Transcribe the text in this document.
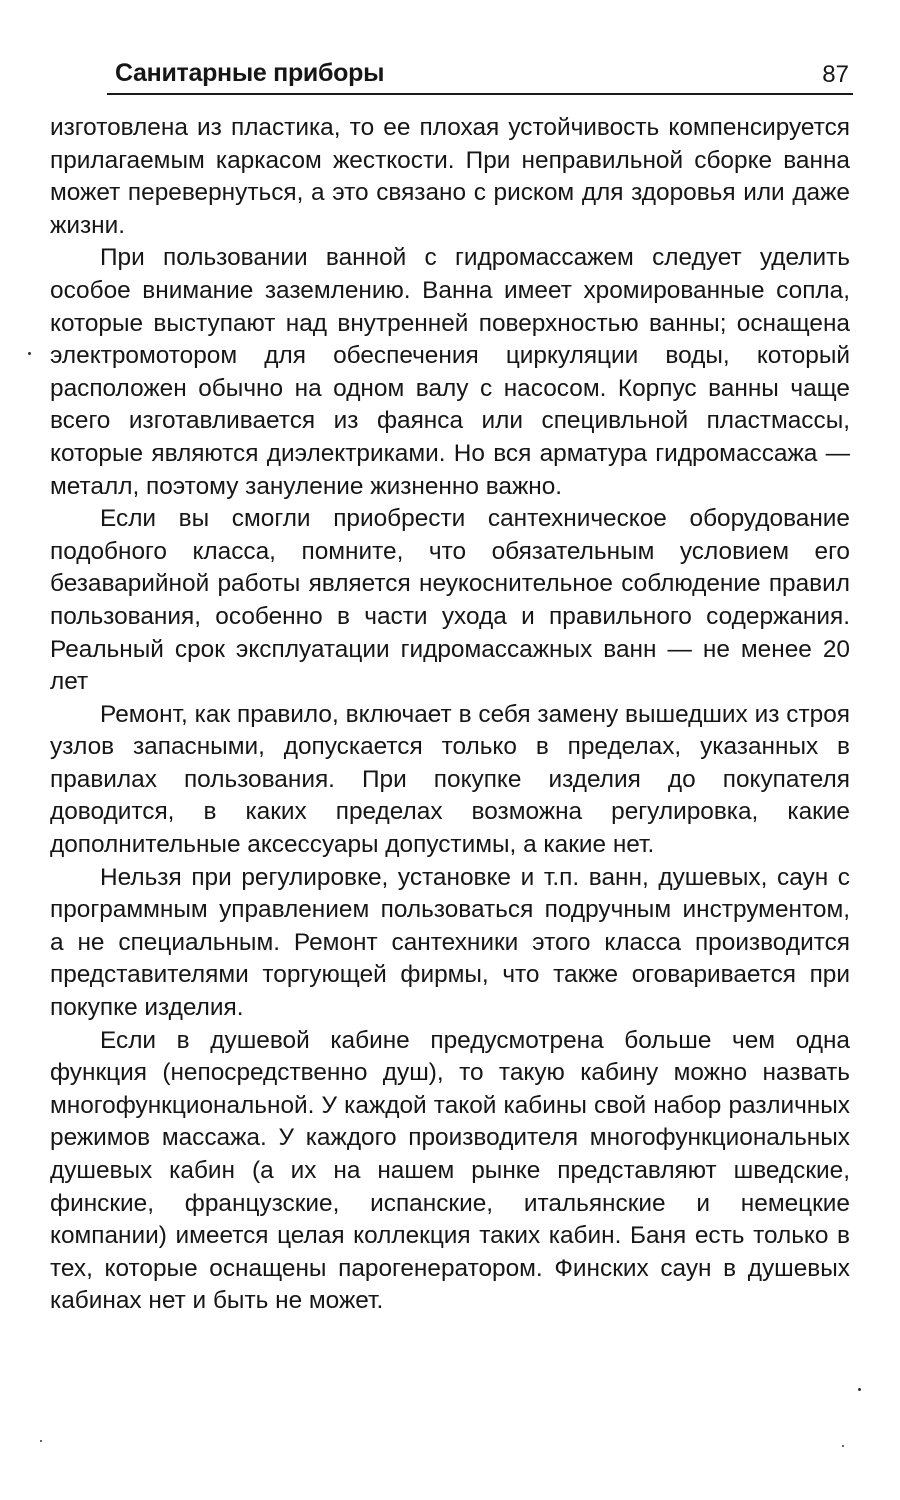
Санитарные приборы	87

изготовлена из пластика, то ее плохая устойчивость компенсируется прилагаемым каркасом жесткости. При неправильной сборке ванна может перевернуться, а это связано с риском для здоровья или даже жизни.

При пользовании ванной с гидромассажем следует уделить особое внимание заземлению. Ванна имеет хромированные сопла, которые выступают над внутренней поверхностью ванны; оснащена электромотором для обеспечения циркуляции воды, который расположен обычно на одном валу с насосом. Корпус ванны чаще всего изготавливается из фаянса или специвльной пластмассы, которые являются диэлектриками. Но вся арматура гидромассажа — металл, поэтому зануление жизненно важно.

Если вы смогли приобрести сантехническое оборудование подобного класса, помните, что обязательным условием его безаварийной работы является неукоснительное соблюдение правил пользования, особенно в части ухода и правильного содержания. Реальный срок эксплуатации гидромассажных ванн — не менее 20 лет

Ремонт, как правило, включает в себя замену вышедших из строя узлов запасными, допускается только в пределах, указанных в правилах пользования. При покупке изделия до покупателя доводится, в каких пределах возможна регулировка, какие дополнительные аксессуары допустимы, а какие нет.

Нельзя при регулировке, установке и т.п. ванн, душевых, саун с программным управлением пользоваться подручным инструментом, а не специальным. Ремонт сантехники этого класса производится представителями торгующей фирмы, что также оговаривается при покупке изделия.

Если в душевой кабине предусмотрена больше чем одна функция (непосредственно душ), то такую кабину можно назвать многофункциональной. У каждой такой кабины свой набор различных режимов массажа. У каждого производителя многофункциональных душевых кабин (а их на нашем рынке представляют шведские, финские, французские, испанские, итальянские и немецкие компании) имеется целая коллекция таких кабин. Баня есть только в тех, которые оснащены парогенератором. Финских саун в душевых кабинах нет и быть не может.
